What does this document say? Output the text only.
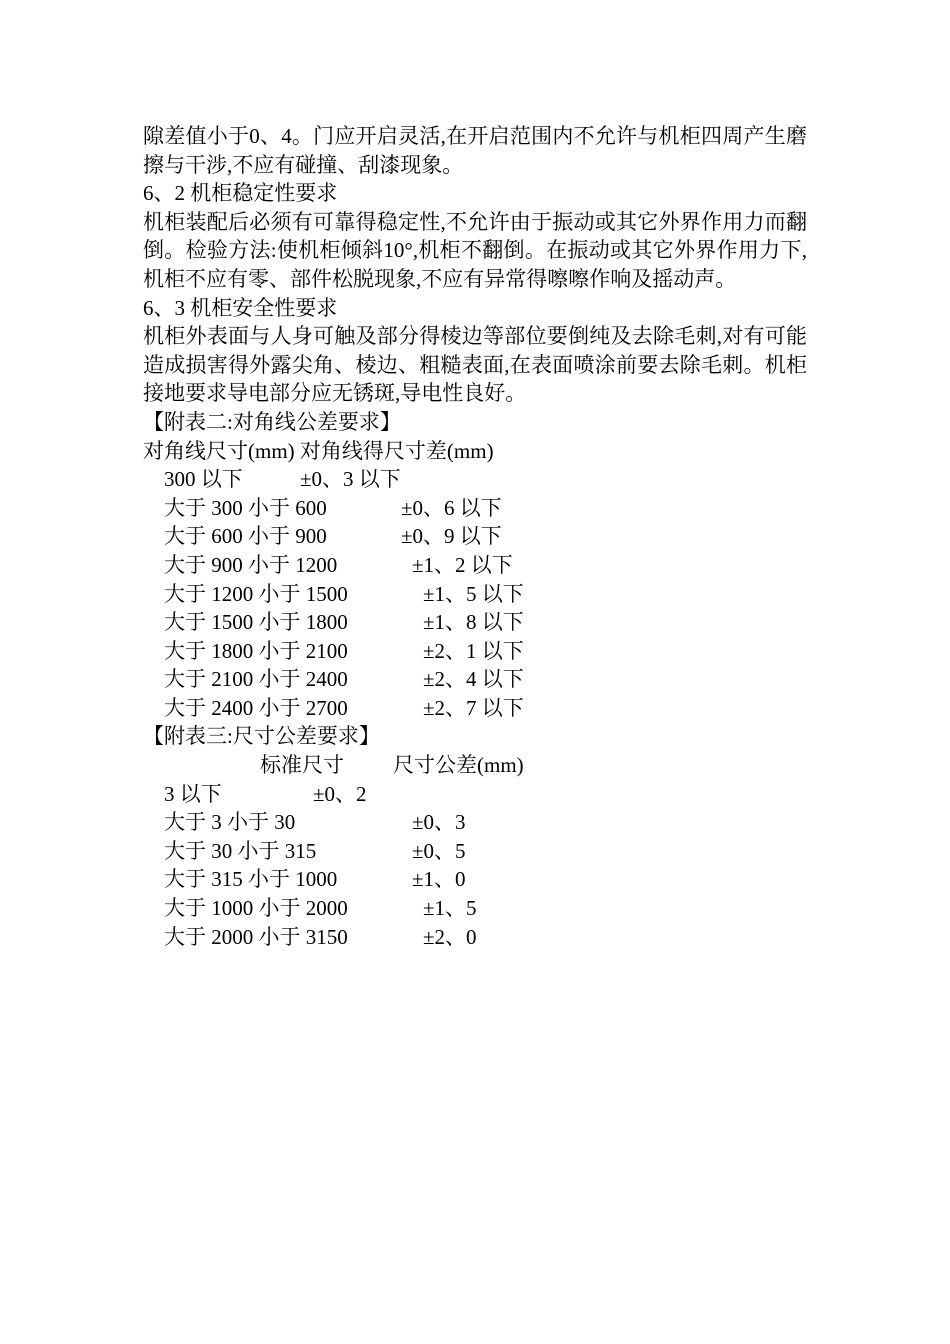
隙差值小于0、4。门应开启灵活,在开启范围内不允许与机柜四周产生磨擦与干涉,不应有碰撞、刮漆现象。

6、2 机柜稳定性要求

机柜装配后必须有可靠得稳定性,不允许由于振动或其它外界作用力而翻倒。检验方法:使机柜倾斜10°,机柜不翻倒。在振动或其它外界作用力下,机柜不应有零、部件松脱现象,不应有异常得嚓嚓作响及摇动声。

6、3 机柜安全性要求

机柜外表面与人身可触及部分得棱边等部位要倒纯及去除毛刺,对有可能造成损害得外露尖角、棱边、粗糙表面,在表面喷涂前要去除毛刺。机柜接地要求导电部分应无锈斑,导电性良好。

【附表二:对角线公差要求】
对角线尺寸(mm) 对角线得尺寸差(mm)
300 以下	±0、3 以下
大于 300 小于 600	±0、6 以下
大于 600 小于 900	±0、9 以下
大于 900 小于 1200	±1、2 以下
大于 1200 小于 1500	±1、5 以下
大于 1500 小于 1800	±1、8 以下
大于 1800 小于 2100	±2、1 以下
大于 2100 小于 2400	±2、4 以下
大于 2400 小于 2700	±2、7 以下
【附表三:尺寸公差要求】
标准尺寸 尺寸公差(mm)
3 以下	±0、2
大于 3 小于 30	±0、3
大于 30 小于 315	±0、5
大于 315 小于 1000	±1、0
大于 1000 小于 2000	±1、5
大于 2000 小于 3150	±2、0
